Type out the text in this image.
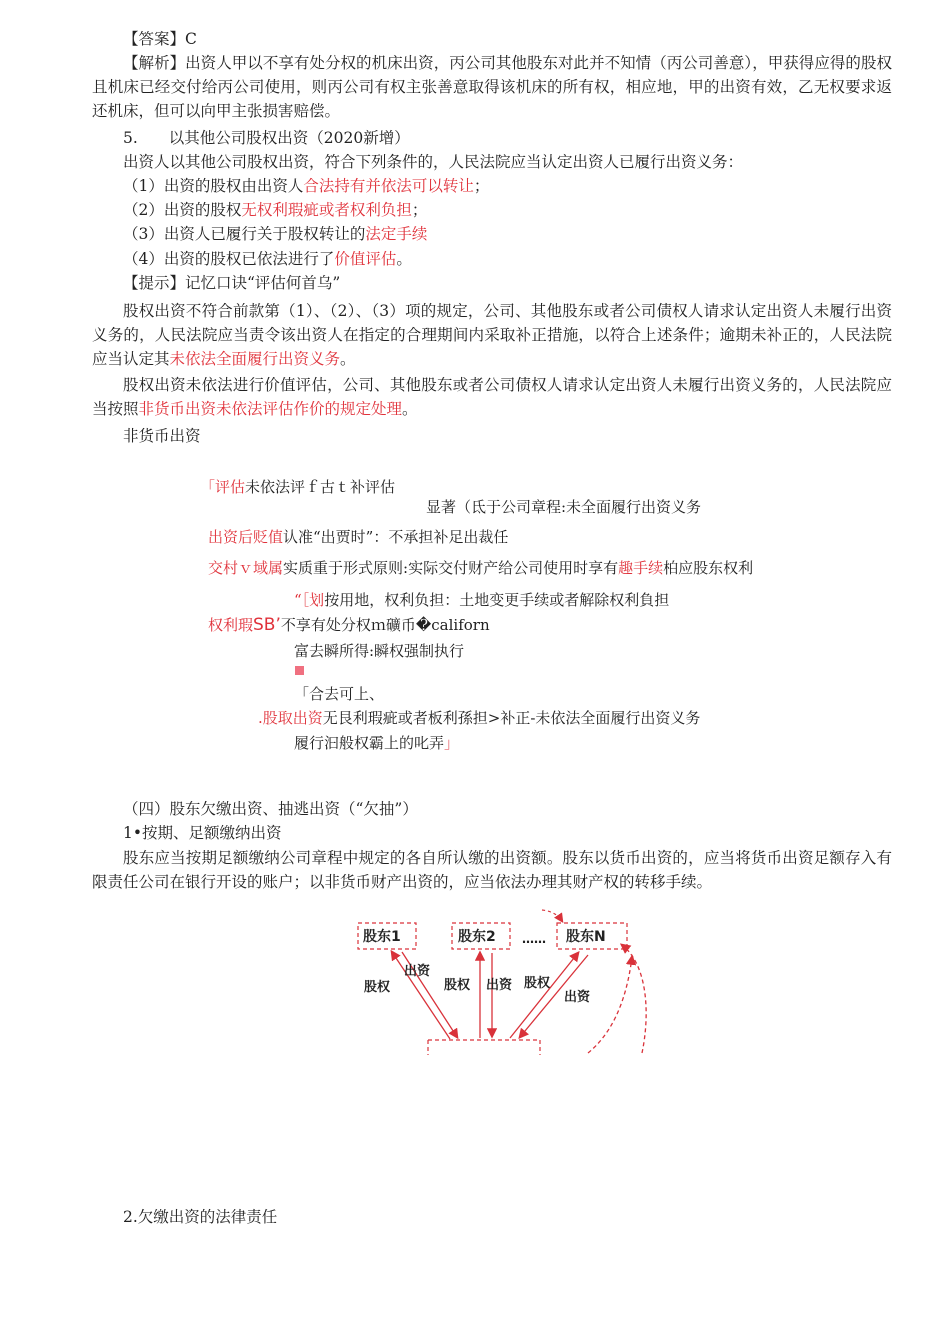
【答案】C

【解析】出资人甲以不享有处分权的机床出资，丙公司其他股东对此并不知情（丙公司善意），甲获得应得的股权且机床已经交付给丙公司使用，则丙公司有权主张善意取得该机床的所有权，相应地，甲的出资有效，乙无权要求返还机床，但可以向甲主张损害赔偿。

5.　　以其他公司股权出资（2020新增）

出资人以其他公司股权出资，符合下列条件的，人民法院应当认定出资人已履行出资义务：

（1）出资的股权由出资人合法持有并依法可以转让；

（2）出资的股权无权利瑕疵或者权利负担；

（3）出资人已履行关于股权转让的法定手续

（4）出资的股权已依法进行了价值评估。

【提示】记忆口诀“评估何首乌”

股权出资不符合前款第（1）、（2）、（3）项的规定，公司、其他股东或者公司债权人请求认定出资人未履行出资义务的，人民法院应当责令该出资人在指定的合理期间内采取补正措施，以符合上述条件；逾期未补正的，人民法院应当认定其未依法全面履行出资义务。

股权出资未依法进行价值评估，公司、其他股东或者公司债权人请求认定出资人未履行出资义务的，人民法院应当按照非货币出资未依法评估作价的规定处理。

非货币出资

「评估未依法评ｆ古ｔ补评估

显著（氐于公司章程:未全面履行出资义务

出资后贬值认准“出贾时”：不承担补足出裁任

交村ｖ域属实质重于形式原则:实际交付财产给公司使用时享有趣手续柏应股东权利

“［划按用地，权利负担：土地变更手续或者解除权利負担

权利瑕SB’不享有处分权ｍ礦币�californ

富去瞬所得:瞬权强制执行

「合去可上、

.股取出资无艮利瑕疵或者板利孫担>补正-未依法全面履行出资义务

履行汩般权霸上的叱弄」

（四）股东欠缴出资、抽逃出资（“欠抽”）

1•按期、足额缴纳出资

股东应当按期足额缴纳公司章程中规定的各自所认缴的出资额。股东以货币出资的，应当将货币出资足额存入有限责任公司在银行开设的账户；以非货币财产出资的，应当依法办理其财产权的转移手续。

股东1	股东2 …… 股东N
股权
出资
股权 出资 股权
出资

2.欠缴出资的法律责任
